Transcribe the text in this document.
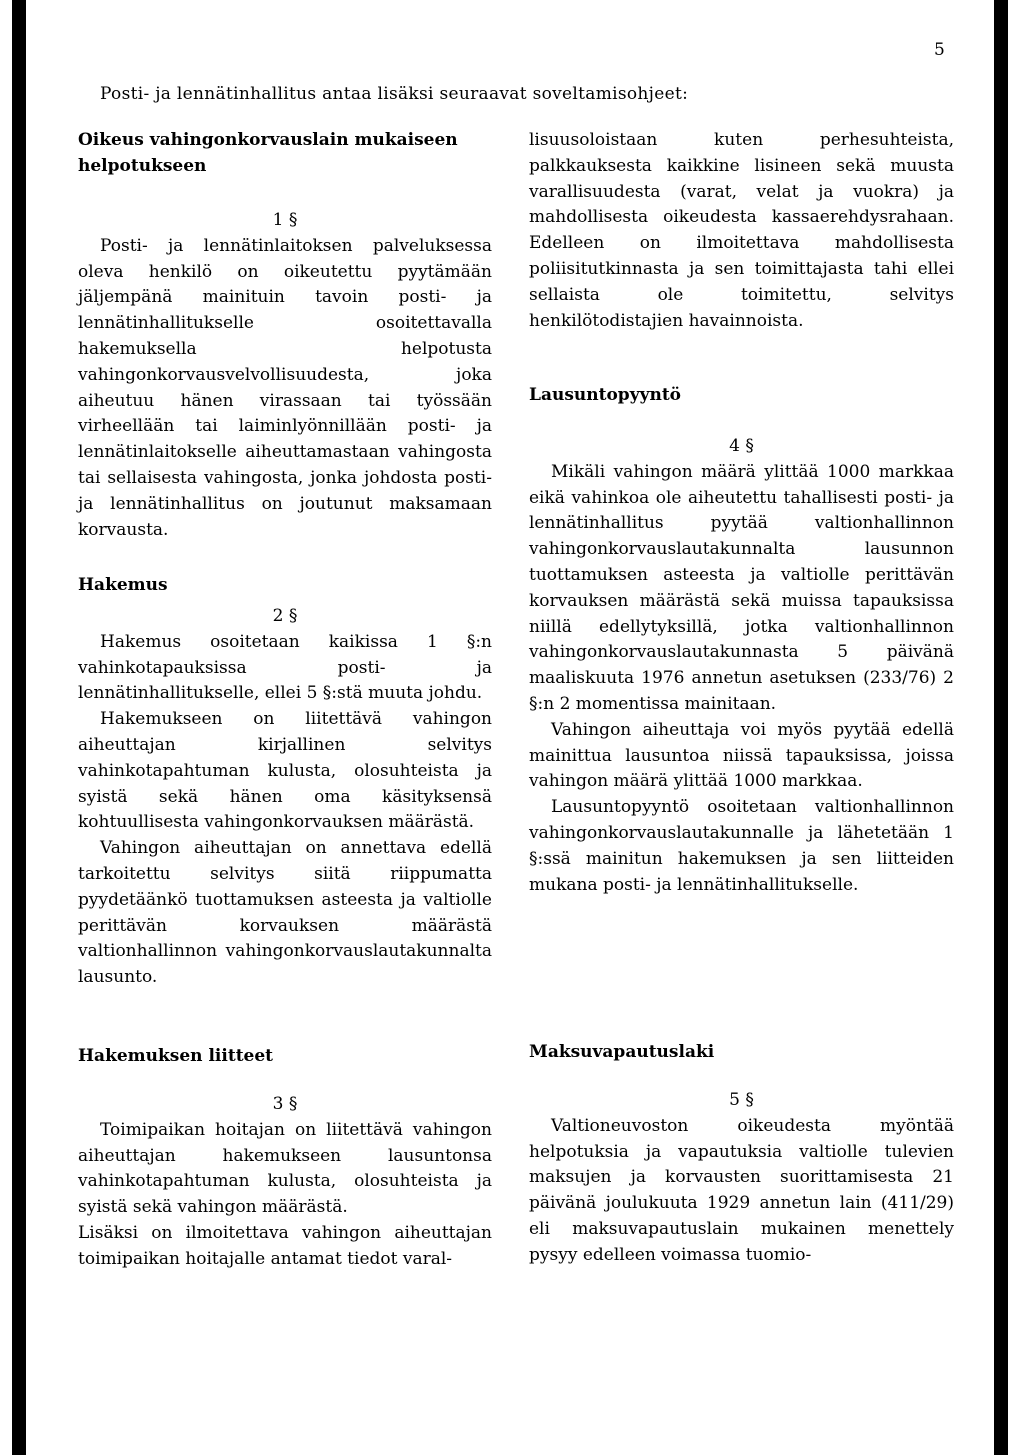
5
Posti- ja lennätinhallitus antaa lisäksi seuraavat soveltamisohjeet:

Oikeus vahingonkorvauslain mukaiseen helpotukseen

1 §

Posti- ja lennätinlaitoksen palveluksessa oleva henkilö on oikeutettu pyytämään jäljempänä mainituin tavoin posti- ja lennätinhallitukselle osoitettavalla hakemuksella helpotusta vahingonkorvausvelvollisuudesta, joka aiheutuu hänen virassaan tai työssään virheellään tai laiminlyönnillään posti- ja lennätinlaitokselle aiheuttamastaan vahingosta tai sellaisesta vahingosta, jonka johdosta posti- ja lennätinhallitus on joutunut maksamaan korvausta.

Hakemus

2 §

Hakemus osoitetaan kaikissa 1 §:n vahinkotapauksissa posti- ja lennätinhallitukselle, ellei 5 §:stä muuta johdu.

Hakemukseen on liitettävä vahingon aiheuttajan kirjallinen selvitys vahinkotapahtuman kulusta, olosuhteista ja syistä sekä hänen oma käsityksensä kohtuullisesta vahingonkorvauksen määrästä.

Vahingon aiheuttajan on annettava edellä tarkoitettu selvitys siitä riippumatta pyydetäänkö tuottamuksen asteesta ja valtiolle perittävän korvauksen määrästä valtionhallinnon vahingonkorvauslautakunnalta lausunto.

Hakemuksen liitteet

3 §

Toimipaikan hoitajan on liitettävä vahingon aiheuttajan hakemukseen lausuntonsa vahinkotapahtuman kulusta, olosuhteista ja syistä sekä vahingon määrästä.

Lisäksi on ilmoitettava vahingon aiheuttajan toimipaikan hoitajalle antamat tiedot varal-

lisuusoloistaan kuten perhesuhteista, palkkauksesta kaikkine lisineen sekä muusta varallisuudesta (varat, velat ja vuokra) ja mahdollisesta oikeudesta kassaerehdysrahaan. Edelleen on ilmoitettava mahdollisesta poliisitutkinnasta ja sen toimittajasta tahi ellei sellaista ole toimitettu, selvitys henkilötodistajien havainnoista.

Lausuntopyyntö

4 §

Mikäli vahingon määrä ylittää 1000 markkaa eikä vahinkoa ole aiheutettu tahallisesti posti- ja lennätinhallitus pyytää valtionhallinnon vahingonkorvauslautakunnalta lausunnon tuottamuksen asteesta ja valtiolle perittävän korvauksen määrästä sekä muissa tapauksissa niillä edellytyksillä, jotka valtionhallinnon vahingonkorvauslautakunnasta 5 päivänä maaliskuuta 1976 annetun asetuksen (233/76) 2 §:n 2 momentissa mainitaan.

Vahingon aiheuttaja voi myös pyytää edellä mainittua lausuntoa niissä tapauksissa, joissa vahingon määrä ylittää 1000 markkaa.

Lausuntopyyntö osoitetaan valtionhallinnon vahingonkorvauslautakunnalle ja lähetetään 1 §:ssä mainitun hakemuksen ja sen liitteiden mukana posti- ja lennätinhallitukselle.

Maksuvapautuslaki

5 §

Valtioneuvoston oikeudesta myöntää helpotuksia ja vapautuksia valtiolle tulevien maksujen ja korvausten suorittamisesta 21 päivänä joulukuuta 1929 annetun lain (411/29) eli maksuvapautuslain mukainen menettely pysyy edelleen voimassa tuomio-
